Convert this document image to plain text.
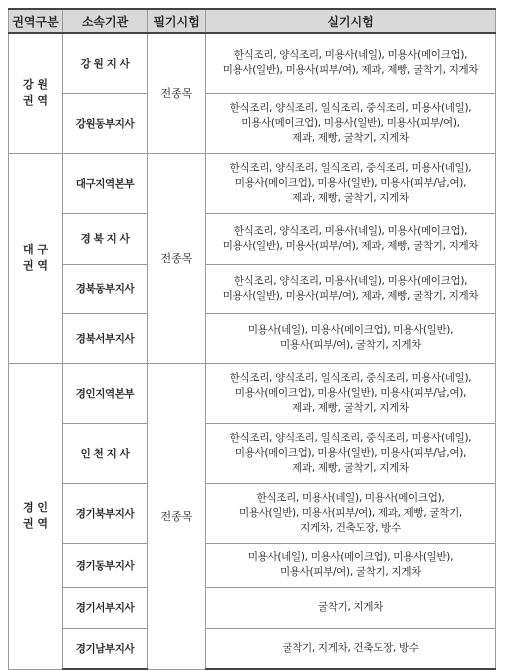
권역구분	소속기관	필기시험	실기시험
강 원
권 역	강 원 지 사	전종목	한식조리, 양식조리, 미용사(네일), 미용사(메이크업),
미용사(일반), 미용사(피부/여), 제과, 제빵, 굴착기, 지게차
	강원동부지사		한식조리, 양식조리, 일식조리, 중식조리, 미용사(네일),
미용사(메이크업), 미용사(일반), 미용사(피부/여),
제과, 제빵, 굴착기, 지게차
대 구
권 역	대구지역본부	전종목	한식조리, 양식조리, 일식조리, 중식조리, 미용사(네일),
미용사(메이크업), 미용사(일반), 미용사(피부/남,여),
제과, 제빵, 굴착기, 지게차
	경 북 지 사		한식조리, 양식조리, 미용사(네일), 미용사(메이크업),
미용사(일반), 미용사(피부/여), 제과, 제빵, 굴착기, 지게차
	경북동부지사		한식조리, 양식조리, 미용사(네일), 미용사(메이크업),
미용사(일반), 미용사(피부/여), 제과, 제빵, 굴착기, 지게차
	경북서부지사		미용사(네일), 미용사(메이크업), 미용사(일반),
미용사(피부/여), 굴착기, 지게차
경 인
권 역	경인지역본부	전종목	한식조리, 양식조리, 일식조리, 중식조리, 미용사(네일),
미용사(메이크업), 미용사(일반), 미용사(피부/남,여),
제과, 제빵, 굴착기, 지게차
	인 천 지 사		한식조리, 양식조리, 일식조리, 중식조리, 미용사(네일),
미용사(메이크업), 미용사(일반), 미용사(피부/남,여),
제과, 제빵, 굴착기, 지게차
	경기북부지사		한식조리, 미용사(네일), 미용사(메이크업),
미용사(일반), 미용사(피부/여), 제과, 제빵, 굴착기,
지게차, 건축도장, 방수
	경기동부지사		미용사(네일), 미용사(메이크업), 미용사(일반),
미용사(피부/여), 굴착기, 지게차
	경기서부지사		굴착기, 지게차
	경기남부지사		굴착기, 지게차, 건축도장, 방수
